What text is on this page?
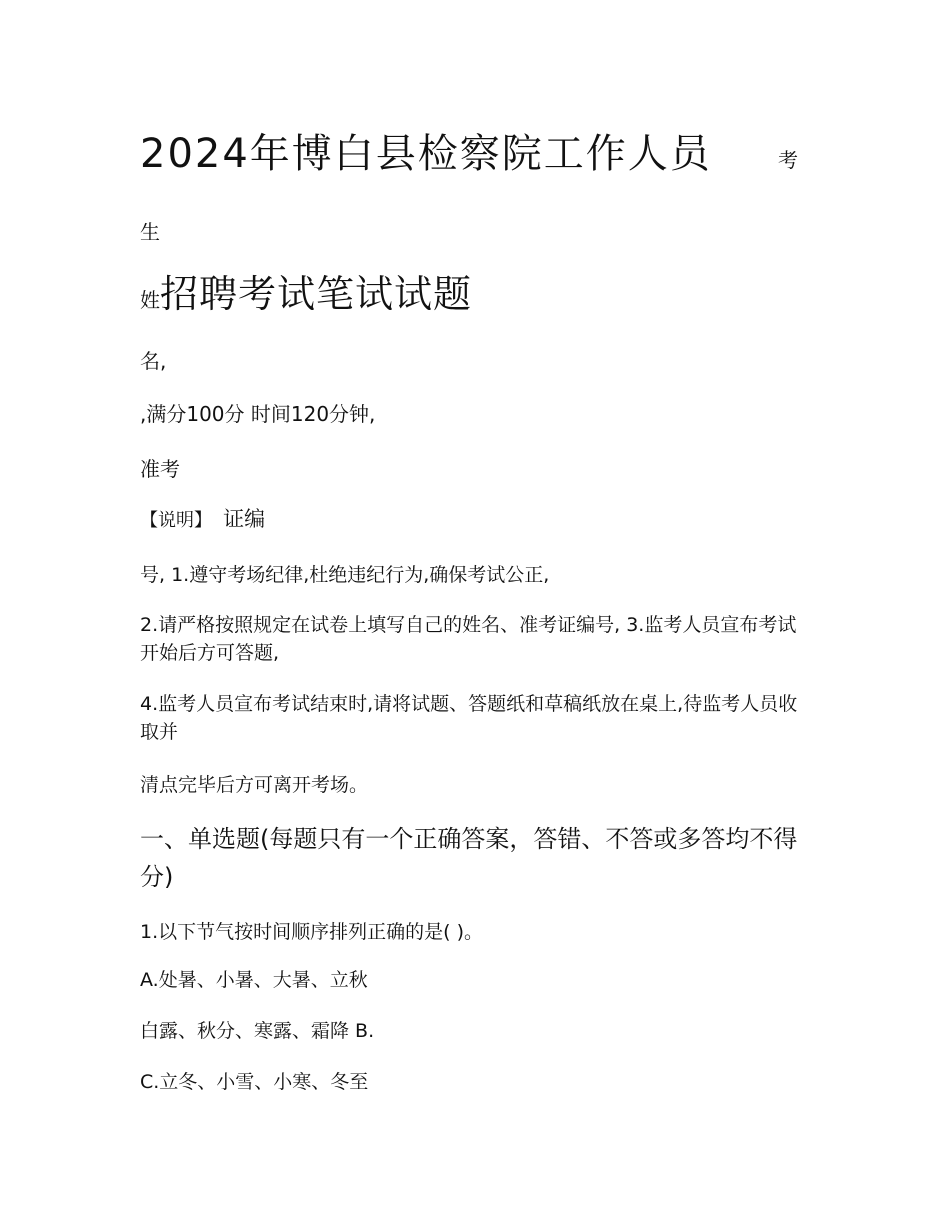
2024年博白县检察院工作人员	考
生
姓招聘考试笔试试题
名,
,满分100分 时间120分钟,
准考
【说明】 证编
号, 1.遵守考场纪律,杜绝违纪行为,确保考试公正,
2.请严格按照规定在试卷上填写自己的姓名、准考证编号, 3.监考人员宣布考试开始后方可答题,
4.监考人员宣布考试结束时,请将试题、答题纸和草稿纸放在桌上,待监考人员收取并
清点完毕后方可离开考场。
一、单选题(每题只有一个正确答案，答错、不答或多答均不得分)
1.以下节气按时间顺序排列正确的是( )。
A.处暑、小暑、大暑、立秋
白露、秋分、寒露、霜降 B.
C.立冬、小雪、小寒、冬至
